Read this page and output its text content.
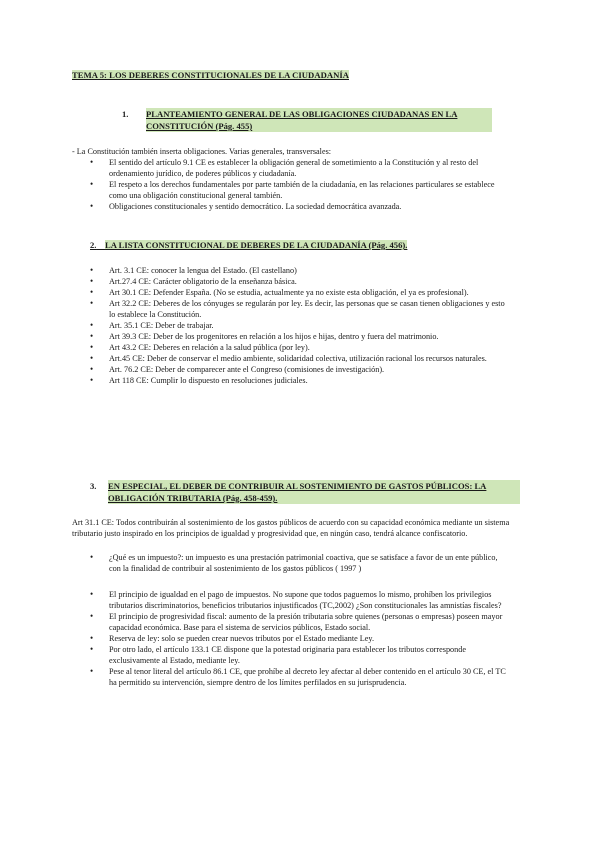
TEMA 5: LOS DEBERES CONSTITUCIONALES DE LA CIUDADANÍA
1. PLANTEAMIENTO GENERAL DE LAS OBLIGACIONES CIUDADANAS EN LA CONSTITUCIÓN (Pág. 455)
- La Constitución también inserta obligaciones. Varias generales, transversales:
• El sentido del artículo 9.1 CE es establecer la obligación general de sometimiento a la Constitución y al resto del ordenamiento jurídico, de poderes públicos y ciudadanía.
• El respeto a los derechos fundamentales por parte también de la ciudadanía, en las relaciones particulares se establece como una obligación constitucional general también.
• Obligaciones constitucionales y sentido democrático. La sociedad democrática avanzada.
2. LA LISTA CONSTITUCIONAL DE DEBERES DE LA CIUDADANÍA (Pág. 456).
• Art. 3.1 CE: conocer la lengua del Estado. (El castellano)
• Art.27.4 CE: Carácter obligatorio de la enseñanza básica.
• Art 30.1 CE: Defender España. (No se estudia, actualmente ya no existe esta obligación, el ya es profesional).
• Art 32.2 CE: Deberes de los cónyuges se regularán por ley. Es decir, las personas que se casan tienen obligaciones y esto lo establece la Constitución.
• Art. 35.1 CE: Deber de trabajar.
• Art 39.3 CE: Deber de los progenitores en relación a los hijos e hijas, dentro y fuera del matrimonio.
• Art 43.2 CE: Deberes en relación a la salud pública (por ley).
• Art.45 CE: Deber de conservar el medio ambiente, solidaridad colectiva, utilización racional los recursos naturales.
• Art. 76.2 CE: Deber de comparecer ante el Congreso (comisiones de investigación).
• Art 118 CE: Cumplir lo dispuesto en resoluciones judiciales.
3. EN ESPECIAL, EL DEBER DE CONTRIBUIR AL SOSTENIMIENTO DE GASTOS PÚBLICOS: LA OBLIGACIÓN TRIBUTARIA (Pág. 458-459).
Art 31.1 CE: Todos contribuirán al sostenimiento de los gastos públicos de acuerdo con su capacidad económica mediante un sistema tributario justo inspirado en los principios de igualdad y progresividad que, en ningún caso, tendrá alcance confiscatorio.
• ¿Qué es un impuesto?: un impuesto es una prestación patrimonial coactiva, que se satisface a favor de un ente público, con la finalidad de contribuir al sostenimiento de los gastos públicos ( 1997 )
• El principio de igualdad en el pago de impuestos. No supone que todos paguemos lo mismo, prohíben los privilegios tributarios discriminatorios, beneficios tributarios injustificados (TC,2002) ¿Son constitucionales las amnistías fiscales?
• El principio de progresividad fiscal: aumento de la presión tributaria sobre quienes (personas o empresas) poseen mayor capacidad económica. Base para el sistema de servicios públicos, Estado social.
• Reserva de ley: solo se pueden crear nuevos tributos por el Estado mediante Ley.
• Por otro lado, el artículo 133.1 CE dispone que la potestad originaria para establecer los tributos corresponde exclusivamente al Estado, mediante ley.
• Pese al tenor literal del artículo 86.1 CE, que prohíbe al decreto ley afectar al deber contenido en el artículo 30 CE, el TC ha permitido su intervención, siempre dentro de los límites perfilados en su jurisprudencia.
